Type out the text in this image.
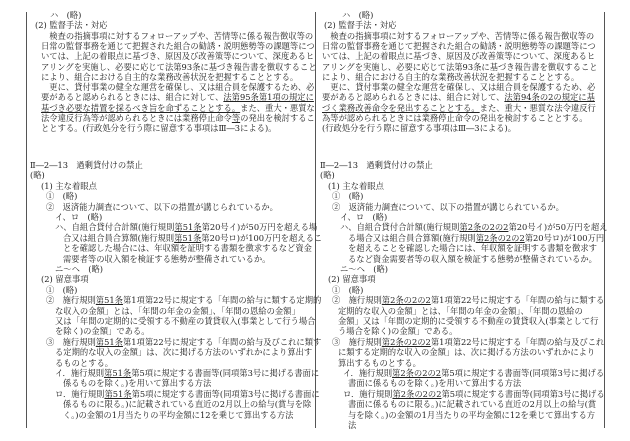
ハ　(略)
(2) 監督手法・対応
　検査の指摘事項に対するフォローアップや、苦情等に係る報告徴収等の
日常の監督事務を通じて把握された組合の勧誘・説明態勢等の課題等につ
いては、上記の着眼点に基づき、原因及び改善策等について、深度あるヒ
アリングを実施し、必要に応じて法第93条に基づき報告書を徴収すること
により、組合における自主的な業務改善状況を把握することとする。
　更に、貸付事業の健全な運営を確保し、又は組合員を保護するため、必
要があると認められるときには、組合に対して、法第95条第1項の規定に
基づき必要な措置を採るべき旨を命ずることとする。また、重大・悪質な
法令違反行為等が認められるときには業務停止命令等の発出を検討するこ
ととする。(行政処分を行う際に留意する事項はⅢ―3による)。
Ⅱ―2―13　過剰貸付けの禁止
(略)
(1) 主な着眼点
①　(略)
②　返済能力調査について、以下の措置が講じられているか。
イ、ロ　(略)
ハ、自組合貸付合計額(施行規則第51条第20号イ)が50万円を超える場
合又は組合員合算額(施行規則第51条第20号ロ)が100万円を超えるこ
とを確認した場合には、年収額を証明する書類を徴求するなど資金
需要者等の収入額を検証する態勢が整備されているか。
ニ〜ヘ　(略)
(2) 留意事項
①　(略)
②　施行規則第51条第1項第22号に規定する「年間の給与に類する定期的
な収入の金額」とは、「年間の年金の金額」、「年間の恩給の金額」
又は「年間の定期的に受領する不動産の賃貸収入(事業として行う場合
を除く)の金額」である。
③　施行規則第51条第1項第22号に規定する「年間の給与及びこれに類す
る定期的な収入の金額」は、次に掲げる方法のいずれかにより算出す
るものとする。
イ．施行規則第51条第5項に規定する書面等(同項第3号に掲げる書面に
係るものを除く。)を用いて算出する方法
ロ．施行規則第51条第5項に規定する書面等(同項第3号に掲げる書面に
係るものに限る。)に記載されている直近の2月以上の給与(賞与を除
く。)の金額の1月当たりの平均金額に12を乗じて算出する方法
ハ　(略)
(2) 監督手法・対応
　検査の指摘事項に対するフォローアップや、苦情等に係る報告徴収等の
日常の監督事務を通じて把握された組合の勧誘・説明態勢等の課題等につ
いては、上記の着眼点に基づき、原因及び改善策等について、深度あるヒ
アリングを実施し、必要に応じて法第93条に基づき報告書を徴収すること
により、組合における自主的な業務改善状況を把握することとする。
　更に、貸付事業の健全な運営を確保し、又は組合員を保護するため、必
要があると認められるときには、組合に対して、法第94条の2の規定に基
づく業務改善命令を発出することとする。また、重大・悪質な法令違反行
為等が認められるときには業務停止命令の発出を検討することとする。
(行政処分を行う際に留意する事項はⅢ―3による)。
Ⅱ―2―13　過剰貸付けの禁止
(略)
(1) 主な着眼点
①　(略)
②　返済能力調査について、以下の措置が講じられているか。
イ、ロ　(略)
ハ、自組合貸付合計額(施行規則第2条の2の2第20号イ)が50万円を超え
る場合又は組合員合算額(施行規則第2条の2の2第20号ロ)が100万円
を超えることを確認した場合には、年収額を証明する書類を徴求す
るなど資金需要者等の収入額を検証する態勢が整備されているか。
ニ〜ヘ　(略)
(2) 留意事項
①　(略)
②　施行規則第2条の2の2第1項第22号に規定する「年間の給与に類する
定期的な収入の金額」とは、「年間の年金の金額」、「年間の恩給の
金額」又は「年間の定期的に受領する不動産の賃貸収入(事業として行
う場合を除く)の金額」である。
③　施行規則第2条の2の2第1項第22号に規定する「年間の給与及びこれ
に類する定期的な収入の金額」は、次に掲げる方法のいずれかにより
算出するものとする。
イ．施行規則第2条の2の2第5項に規定する書面等(同項第3号に掲げる
書面に係るものを除く。)を用いて算出する方法
ロ．施行規則第2条の2の2第5項に規定する書面等(同項第3号に掲げる
書面に係るものに限る。)に記載されている直近の2月以上の給与(賞
与を除く。)の金額の1月当たりの平均金額に12を乗じて算出する方
法
